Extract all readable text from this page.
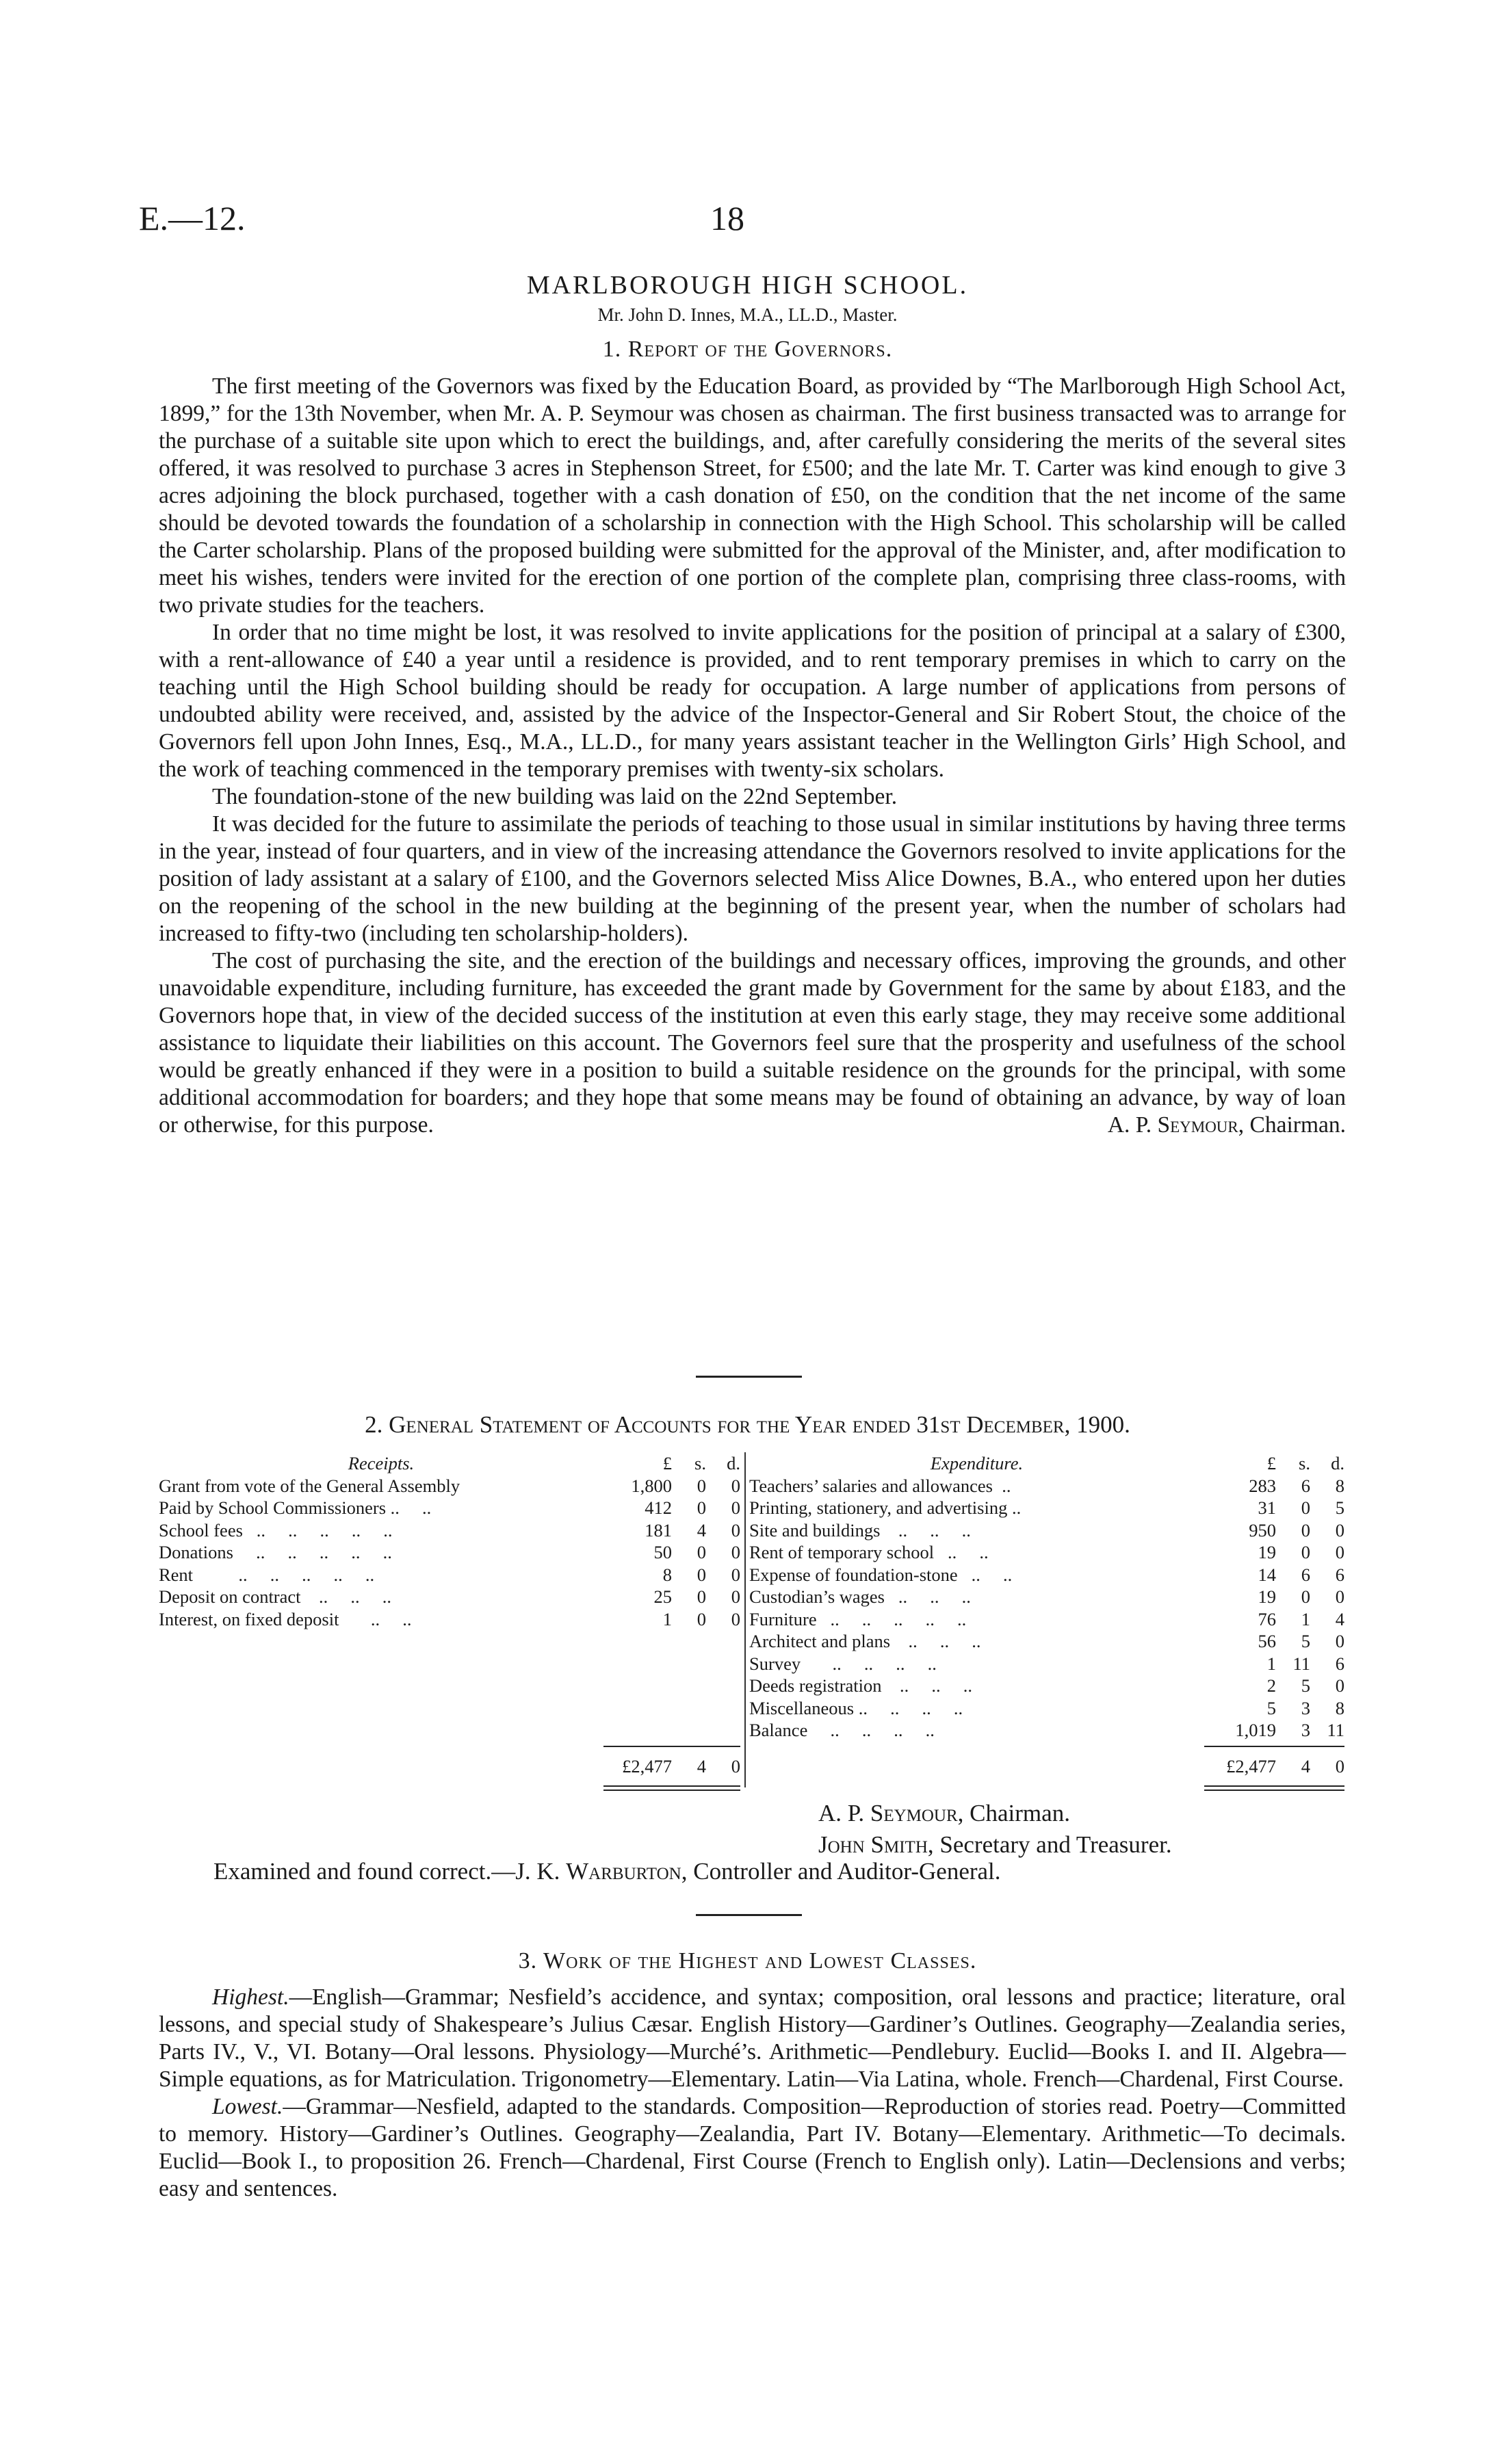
E.—12.	18
MARLBOROUGH HIGH SCHOOL.
Mr. John D. Innes, M.A., LL.D., Master.
1. Report of the Governors.

The first meeting of the Governors was fixed by the Education Board, as provided by “The Marlborough High School Act, 1899,” for the 13th November, when Mr. A. P. Seymour was chosen as chairman. The first business transacted was to arrange for the purchase of a suitable site upon which to erect the buildings, and, after carefully considering the merits of the several sites offered, it was resolved to purchase 3 acres in Stephenson Street, for £500; and the late Mr. T. Carter was kind enough to give 3 acres adjoining the block purchased, together with a cash donation of £50, on the condition that the net income of the same should be devoted towards the foundation of a scholarship in connection with the High School. This scholarship will be called the Carter scholarship. Plans of the proposed building were submitted for the approval of the Minister, and, after modification to meet his wishes, tenders were invited for the erection of one portion of the complete plan, comprising three class-rooms, with two private studies for the teachers.

In order that no time might be lost, it was resolved to invite applications for the position of principal at a salary of £300, with a rent-allowance of £40 a year until a residence is provided, and to rent temporary premises in which to carry on the teaching until the High School building should be ready for occupation. A large number of applications from persons of undoubted ability were received, and, assisted by the advice of the Inspector-General and Sir Robert Stout, the choice of the Governors fell upon John Innes, Esq., M.A., LL.D., for many years assistant teacher in the Wellington Girls’ High School, and the work of teaching commenced in the temporary premises with twenty-six scholars.

The foundation-stone of the new building was laid on the 22nd September.

It was decided for the future to assimilate the periods of teaching to those usual in similar institutions by having three terms in the year, instead of four quarters, and in view of the increasing attendance the Governors resolved to invite applications for the position of lady assistant at a salary of £100, and the Governors selected Miss Alice Downes, B.A., who entered upon her duties on the reopening of the school in the new building at the beginning of the present year, when the number of scholars had increased to fifty-two (including ten scholarship-holders).

The cost of purchasing the site, and the erection of the buildings and necessary offices, improving the grounds, and other unavoidable expenditure, including furniture, has exceeded the grant made by Government for the same by about £183, and the Governors hope that, in view of the decided success of the institution at even this early stage, they may receive some additional assistance to liquidate their liabilities on this account. The Governors feel sure that the prosperity and usefulness of the school would be greatly enhanced if they were in a position to build a suitable residence on the grounds for the principal, with some additional accommodation for boarders; and they hope that some means may be found of obtaining an advance, by way of loan or otherwise, for this purpose.	A. P. Seymour, Chairman.
2. General Statement of Accounts for the Year ended 31st December, 1900.
Receipts.	£	s.	d.
Grant from vote of the General Assembly	1,800	0	0
Paid by School Commissioners ..     ..	412	0	0
School fees   ..     ..     ..     ..     ..	181	4	0
Donations     ..     ..     ..     ..     ..	50	0	0
Rent          ..     ..     ..     ..     ..	8	0	0
Deposit on contract    ..     ..     ..	25	0	0
Interest, on fixed deposit       ..     ..	1	0	0
Expenditure.	£	s.	d.
Teachers’ salaries and allowances  ..	283	6	8
Printing, stationery, and advertising ..	31	0	5
Site and buildings    ..     ..     ..	950	0	0
Rent of temporary school   ..     ..	19	0	0
Expense of foundation-stone   ..     ..	14	6	6
Custodian’s wages   ..     ..     ..	19	0	0
Furniture   ..     ..     ..     ..     ..	76	1	4
Architect and plans    ..     ..     ..	56	5	0
Survey       ..     ..     ..     ..	1	11	6
Deeds registration    ..     ..     ..	2	5	0
Miscellaneous ..     ..     ..     ..	5	3	8
Balance     ..     ..     ..     ..	1,019	3	11
£2,477	4	0	£2,477	4	0
A. P. Seymour, Chairman.
John Smith, Secretary and Treasurer.
Examined and found correct.—J. K. Warburton, Controller and Auditor-General.
3. Work of the Highest and Lowest Classes.

Highest.—English—Grammar; Nesfield’s accidence, and syntax; composition, oral lessons and practice; literature, oral lessons, and special study of Shakespeare’s Julius Cæsar. English History—Gardiner’s Outlines. Geography—Zealandia series, Parts IV., V., VI. Botany—Oral lessons. Physiology—Murché’s. Arithmetic—Pendlebury. Euclid—Books I. and II. Algebra—Simple equations, as for Matriculation. Trigonometry—Elementary. Latin—Via Latina, whole. French—Chardenal, First Course.

Lowest.—Grammar—Nesfield, adapted to the standards. Composition—Reproduction of stories read. Poetry—Committed to memory. History—Gardiner’s Outlines. Geography—Zealandia, Part IV. Botany—Elementary. Arithmetic—To decimals. Euclid—Book I., to proposition 26. French—Chardenal, First Course (French to English only). Latin—Declensions and verbs; easy and sentences.
